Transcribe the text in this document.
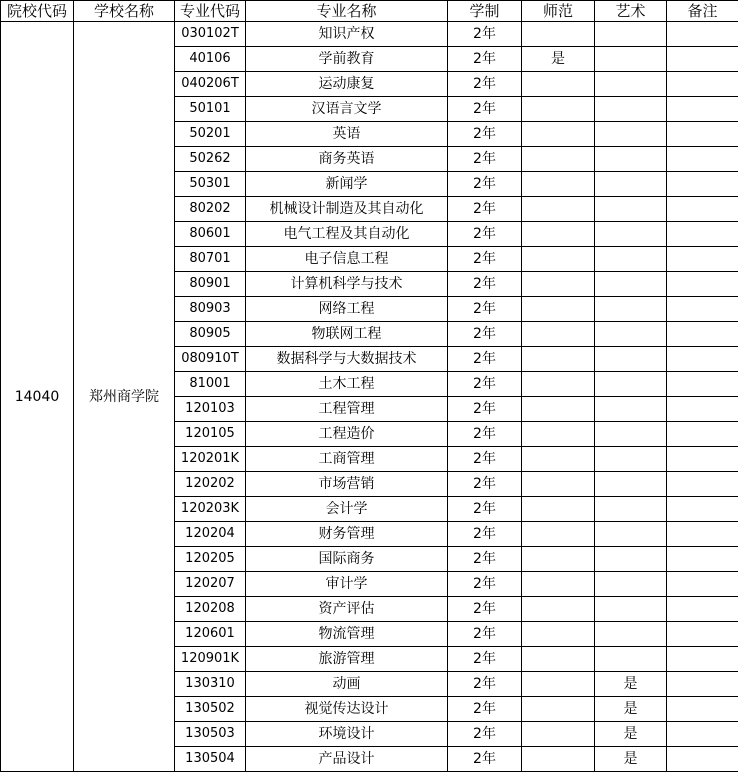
院校代码	学校名称	专业代码	专业名称	学制	师范	艺术	备注
14040	郑州商学院	030102T	知识产权	2年			
		40106	学前教育	2年	是		
		040206T	运动康复	2年			
		50101	汉语言文学	2年			
		50201	英语	2年			
		50262	商务英语	2年			
		50301	新闻学	2年			
		80202	机械设计制造及其自动化	2年			
		80601	电气工程及其自动化	2年			
		80701	电子信息工程	2年			
		80901	计算机科学与技术	2年			
		80903	网络工程	2年			
		80905	物联网工程	2年			
		080910T	数据科学与大数据技术	2年			
		81001	土木工程	2年			
		120103	工程管理	2年			
		120105	工程造价	2年			
		120201K	工商管理	2年			
		120202	市场营销	2年			
		120203K	会计学	2年			
		120204	财务管理	2年			
		120205	国际商务	2年			
		120207	审计学	2年			
		120208	资产评估	2年			
		120601	物流管理	2年			
		120901K	旅游管理	2年			
		130310	动画	2年		是	
		130502	视觉传达设计	2年		是	
		130503	环境设计	2年		是	
		130504	产品设计	2年		是	
